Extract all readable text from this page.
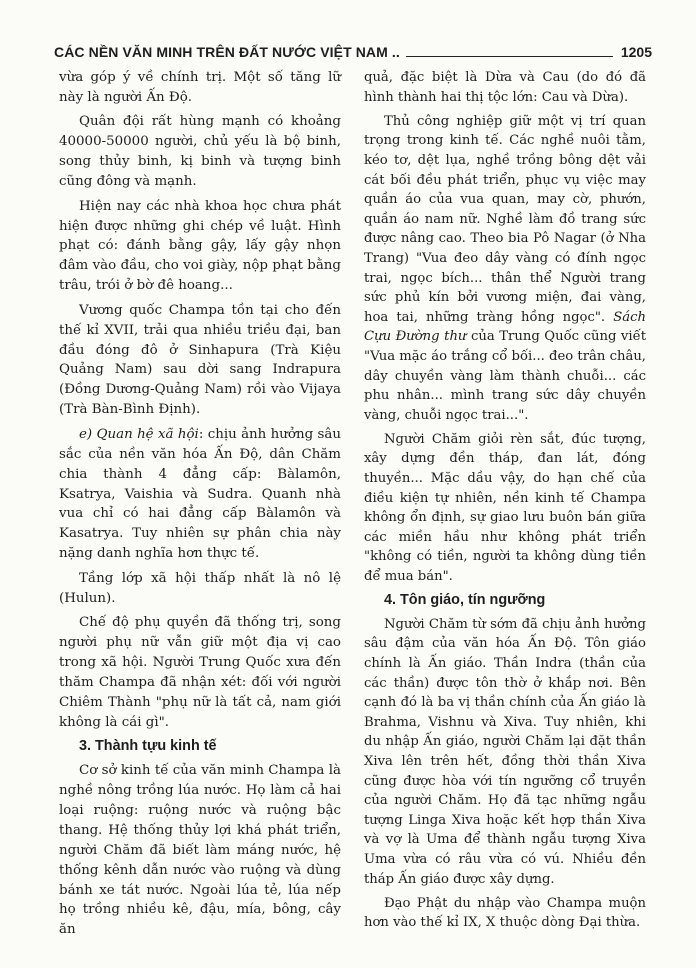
CÁC NỀN VĂN MINH TRÊN ĐẤT NƯỚC VIỆT NAM ..	1205

vừa góp ý về chính trị. Một số tăng lữ này là người Ấn Độ.

Quân đội rất hùng mạnh có khoảng 40000-50000 người, chủ yếu là bộ binh, song thủy binh, kị binh và tượng binh cũng đông và mạnh.

Hiện nay các nhà khoa học chưa phát hiện được những ghi chép về luật. Hình phạt có: đánh bằng gậy, lấy gậy nhọn đâm vào đầu, cho voi giày, nộp phạt bằng trâu, trói ở bờ đê hoang...

Vương quốc Champa tồn tại cho đến thế kỉ XVII, trải qua nhiều triều đại, ban đầu đóng đô ở Sinhapura (Trà Kiệu Quảng Nam) sau dời sang Indrapura (Đồng Dương-Quảng Nam) rồi vào Vijaya (Trà Bàn-Bình Định).

e) Quan hệ xã hội: chịu ảnh hưởng sâu sắc của nền văn hóa Ấn Độ, dân Chăm chia thành 4 đẳng cấp: Bàlamôn, Ksatrya, Vaishia và Sudra. Quanh nhà vua chỉ có hai đẳng cấp Bàlamôn và Kasatrya. Tuy nhiên sự phân chia này nặng danh nghĩa hơn thực tế.

Tầng lớp xã hội thấp nhất là nô lệ (Hulun).

Chế độ phụ quyền đã thống trị, song người phụ nữ vẫn giữ một địa vị cao trong xã hội. Người Trung Quốc xưa đến thăm Champa đã nhận xét: đối với người Chiêm Thành "phụ nữ là tất cả, nam giới không là cái gì".

3. Thành tựu kinh tế

Cơ sở kinh tế của văn minh Champa là nghề nông trồng lúa nước. Họ làm cả hai loại ruộng: ruộng nước và ruộng bậc thang. Hệ thống thủy lợi khá phát triển, người Chăm đã biết làm máng nước, hệ thống kênh dẫn nước vào ruộng và dùng bánh xe tát nước. Ngoài lúa tẻ, lúa nếp họ trồng nhiều kê, đậu, mía, bông, cây ăn

quả, đặc biệt là Dừa và Cau (do đó đã hình thành hai thị tộc lớn: Cau và Dừa).

Thủ công nghiệp giữ một vị trí quan trọng trong kinh tế. Các nghề nuôi tằm, kéo tơ, dệt lụa, nghề trồng bông dệt vải cát bối đều phát triển, phục vụ việc may quần áo của vua quan, may cờ, phướn, quần áo nam nữ. Nghề làm đồ trang sức được nâng cao. Theo bia Pô Nagar (ở Nha Trang) "Vua đeo dây vàng có đính ngọc trai, ngọc bích... thân thể Người trang sức phủ kín bởi vương miện, đai vàng, hoa tai, những tràng hồng ngọc". Sách Cựu Đường thư của Trung Quốc cũng viết "Vua mặc áo trắng cổ bối... đeo trân châu, dây chuyền vàng làm thành chuỗi... các phu nhân... mình trang sức dây chuyền vàng, chuỗi ngọc trai...".

Người Chăm giỏi rèn sắt, đúc tượng, xây dựng đền tháp, đan lát, đóng thuyền... Mặc dầu vậy, do hạn chế của điều kiện tự nhiên, nền kinh tế Champa không ổn định, sự giao lưu buôn bán giữa các miền hầu như không phát triển "không có tiền, người ta không dùng tiền để mua bán".

4. Tôn giáo, tín ngưỡng

Người Chăm từ sớm đã chịu ảnh hưởng sâu đậm của văn hóa Ấn Độ. Tôn giáo chính là Ấn giáo. Thần Indra (thần của các thần) được tôn thờ ở khắp nơi. Bên cạnh đó là ba vị thần chính của Ấn giáo là Brahma, Vishnu và Xiva. Tuy nhiên, khi du nhập Ấn giáo, người Chăm lại đặt thần Xiva lên trên hết, đồng thời thần Xiva cũng được hòa với tín ngưỡng cổ truyền của người Chăm. Họ đã tạc những ngẫu tượng Linga Xiva hoặc kết hợp thần Xiva và vợ là Uma để thành ngẫu tượng Xiva Uma vừa có râu vừa có vú. Nhiều đền tháp Ấn giáo được xây dựng.

Đạo Phật du nhập vào Champa muộn hơn vào thế kỉ IX, X thuộc dòng Đại thừa.
